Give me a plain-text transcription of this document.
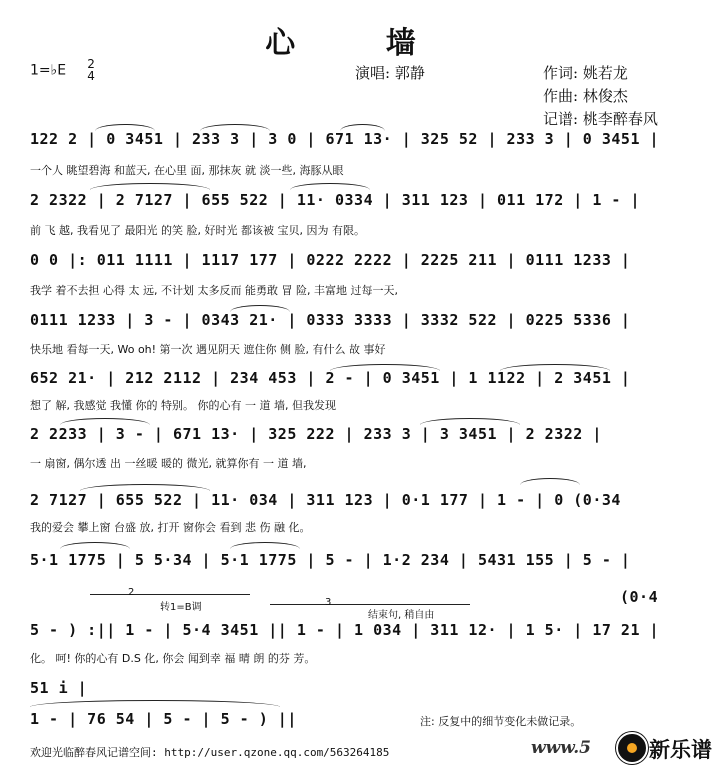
心 墙
1=♭E 2
4	演唱: 郭静	作词: 姚若龙
作曲: 林俊杰
记谱: 桃李醉春风
122 2 | 0 3451 | 233 3 | 3 0 | 671 13· | 325 52 | 233 3 | 0 3451 |
一个人 眺望碧海 和蓝天, 在心里 面, 那抹灰 就 淡一些, 海豚从眼
2 2322 | 2 7127 | 655 522 | 11· 0334 | 311 123 | 011 172 | 1 - |
前 飞 越, 我看见了 最阳光 的笑 脸, 好时光 都该被 宝贝, 因为 有限。
0 0 |: 011 1111 | 1117 177 | 0222 2222 | 2225 211 | 0111 1233 |
我学 着不去担 心得 太 远, 不计划 太多反而 能勇敢 冒 险, 丰富地 过每一天,
0111 1233 | 3 - | 0343 21· | 0333 3333 | 3332 522 | 0225 5336 |
快乐地 看每一天, Wo oh! 第一次 遇见阴天 遮住你 侧 脸, 有什么 故 事好
652 21· | 212 2112 | 234 453 | 2 - | 0 3451 | 1 1122 | 2 3451 |
想了 解, 我感觉 我懂 你的 特别。 你的心有 一 道 墙, 但我发现
2 2233 | 3 - | 671 13· | 325 222 | 233 3 | 3 3451 | 2 2322 |
一 扇窗, 偶尔透 出 一丝暖 暖的 微光, 就算你有 一 道 墙,
2 7127 | 655 522 | 11· 034 | 311 123 | 0·1 177 | 1 - | 0 (0·34
我的爱会 攀上窗 台盛 放, 打开 窗你会 看到 悲 伤 融 化。
5·1 1775 | 5 5·34 | 5·1 1775 | 5 - | 1·2 234 | 5431 155 | 5 - |
2
3
转1=B调
结束句, 稍自由
(0·4
5 - ) :|| 1 - | 5·4 3451 || 1 - | 1 034 | 311 12· | 1 5· | 17 21 |
化。 呵! 你的心有 D.S 化, 你会 闻到幸 福 晴 朗 的芬 芳。
51 i |
1 - | 76 54 | 5 - | 5 - ) ||	注: 反复中的细节变化未做记录。
欢迎光临醉春风记谱空间: http://user.qzone.qq.com/563264185	www.5	新乐谱
